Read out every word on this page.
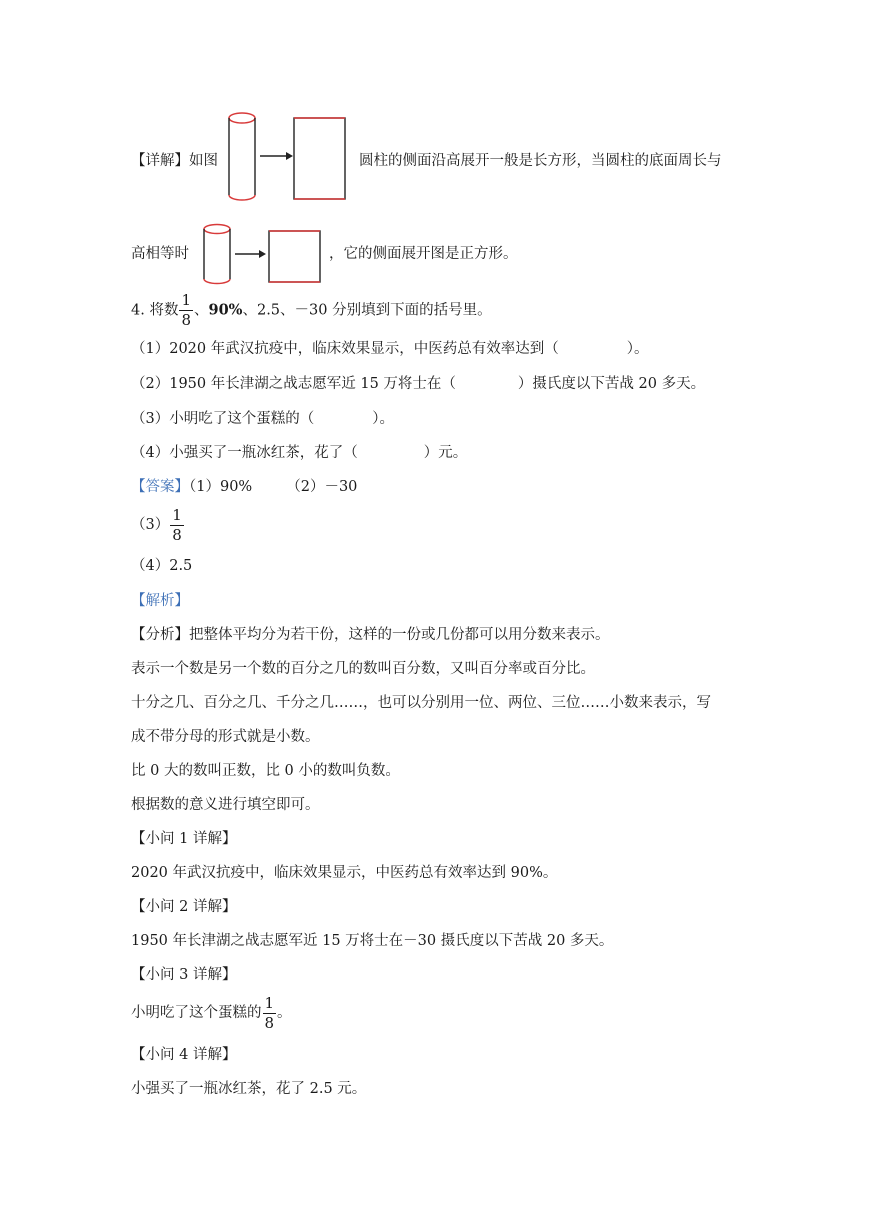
【详解】如图	圆柱的侧面沿高展开一般是长方形，当圆柱的底面周长与
高相等时	，它的侧面展开图是正方形。
4. 将数 $\frac{1}{8}$ 、90%、2.5、－30 分别填到下面的括号里。
（1）2020 年武汉抗疫中，临床效果显示，中医药总有效率达到（	）。
（2）1950 年长津湖之战志愿军近 15 万将士在（	）摄氏度以下苦战 20 多天。
（3）小明吃了这个蛋糕的（	）。
（4）小强买了一瓶冰红茶，花了（	）元。
【答案】（1）90% （2）－30
$(3) \frac{1}{8}$
（4）2.5
【解析】
【分析】把整体平均分为若干份，这样的一份或几份都可以用分数来表示。
表示一个数是另一个数的百分之几的数叫百分数，又叫百分率或百分比。
十分之几、百分之几、千分之几……，也可以分别用一位、两位、三位……小数来表示，写
成不带分母的形式就是小数。
比 0 大的数叫正数，比 0 小的数叫负数。
根据数的意义进行填空即可。
【小问 1 详解】
2020 年武汉抗疫中，临床效果显示，中医药总有效率达到 90%。
【小问 2 详解】
1950 年长津湖之战志愿军近 15 万将士在－30 摄氏度以下苦战 20 多天。
【小问 3 详解】
小明吃了这个蛋糕的 $\frac{1}{8}$ 。
【小问 4 详解】
小强买了一瓶冰红茶，花了 2.5 元。
